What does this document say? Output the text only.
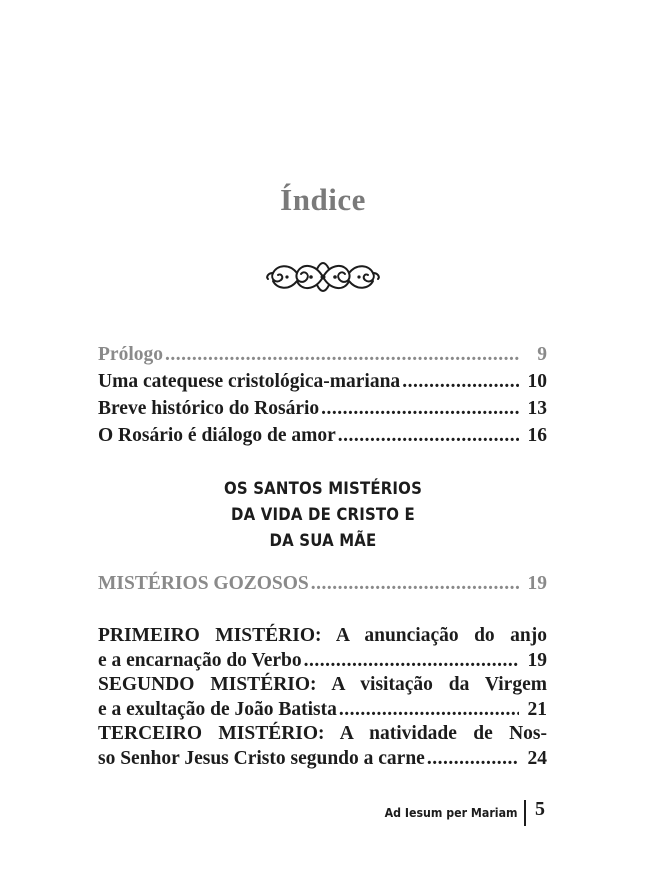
Índice
Prólogo .....	9
Uma catequese cristológica-mariana .....	10
Breve histórico do Rosário .....	13
O Rosário é diálogo de amor .....	16
OS SANTOS MISTÉRIOS
DA VIDA DE CRISTO E
DA SUA MÃE
MISTÉRIOS GOZOSOS .....	19
PRIMEIRO MISTÉRIO: A anunciação do anjo
e a encarnação do Verbo .....	19
SEGUNDO MISTÉRIO: A visitação da Virgem
e a exultação de João Batista .....	21
TERCEIRO MISTÉRIO: A natividade de Nos-
so Senhor Jesus Cristo segundo a carne .....	24
Ad Iesum per Mariam 5
